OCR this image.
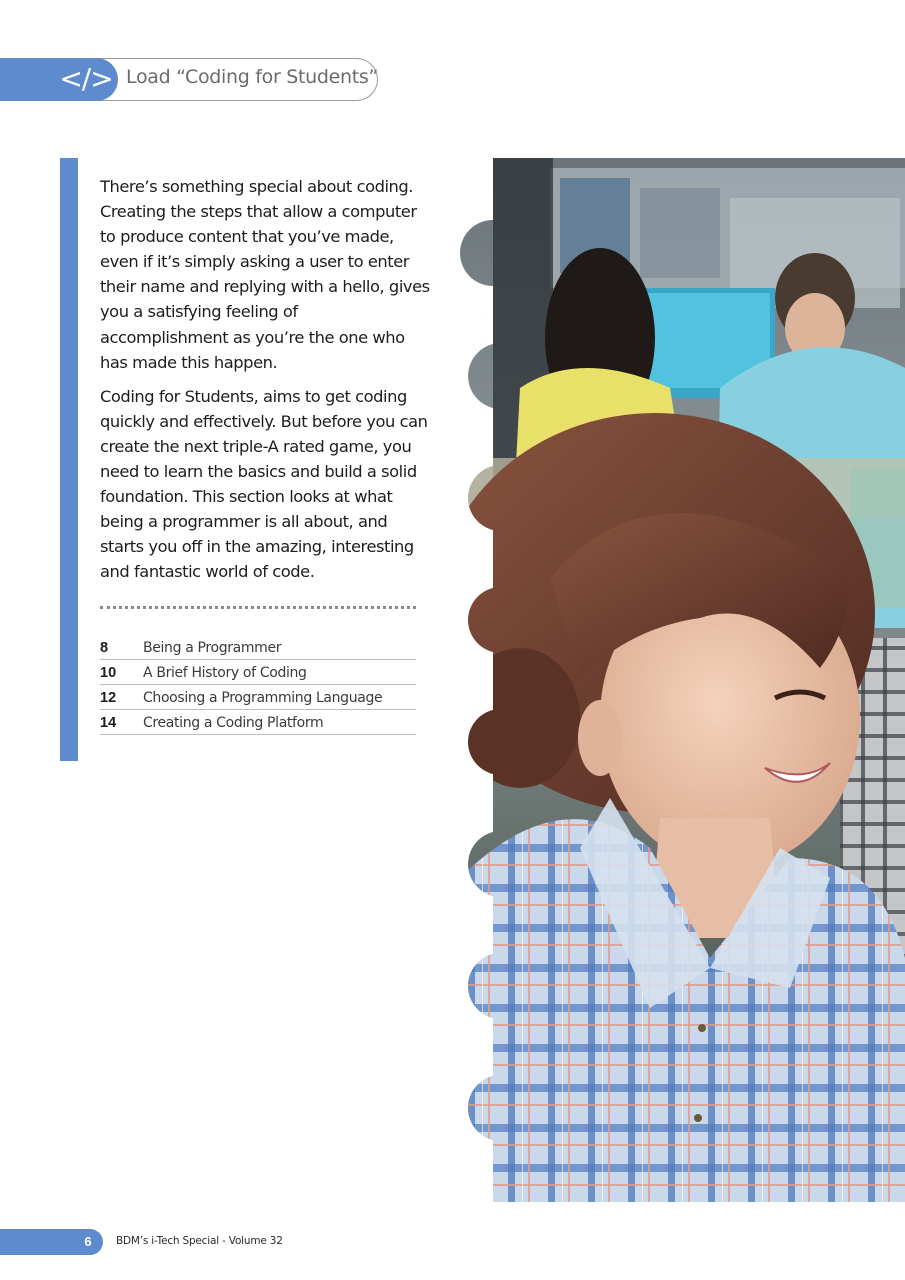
</> Load “Coding for Students”

There’s something special about coding. Creating the steps that allow a computer to produce content that you’ve made, even if it’s simply asking a user to enter their name and replying with a hello, gives you a satisfying feeling of accomplishment as you’re the one who has made this happen.

Coding for Students, aims to get coding quickly and effectively. But before you can create the next triple-A rated game, you need to learn the basics and build a solid foundation. This section looks at what being a programmer is all about, and starts you off in the amazing, interesting and fantastic world of code.

8	Being a Programmer
10	A Brief History of Coding
12	Choosing a Programming Language
14	Creating a Coding Platform
6	BDM’s i-Tech Special - Volume 32
